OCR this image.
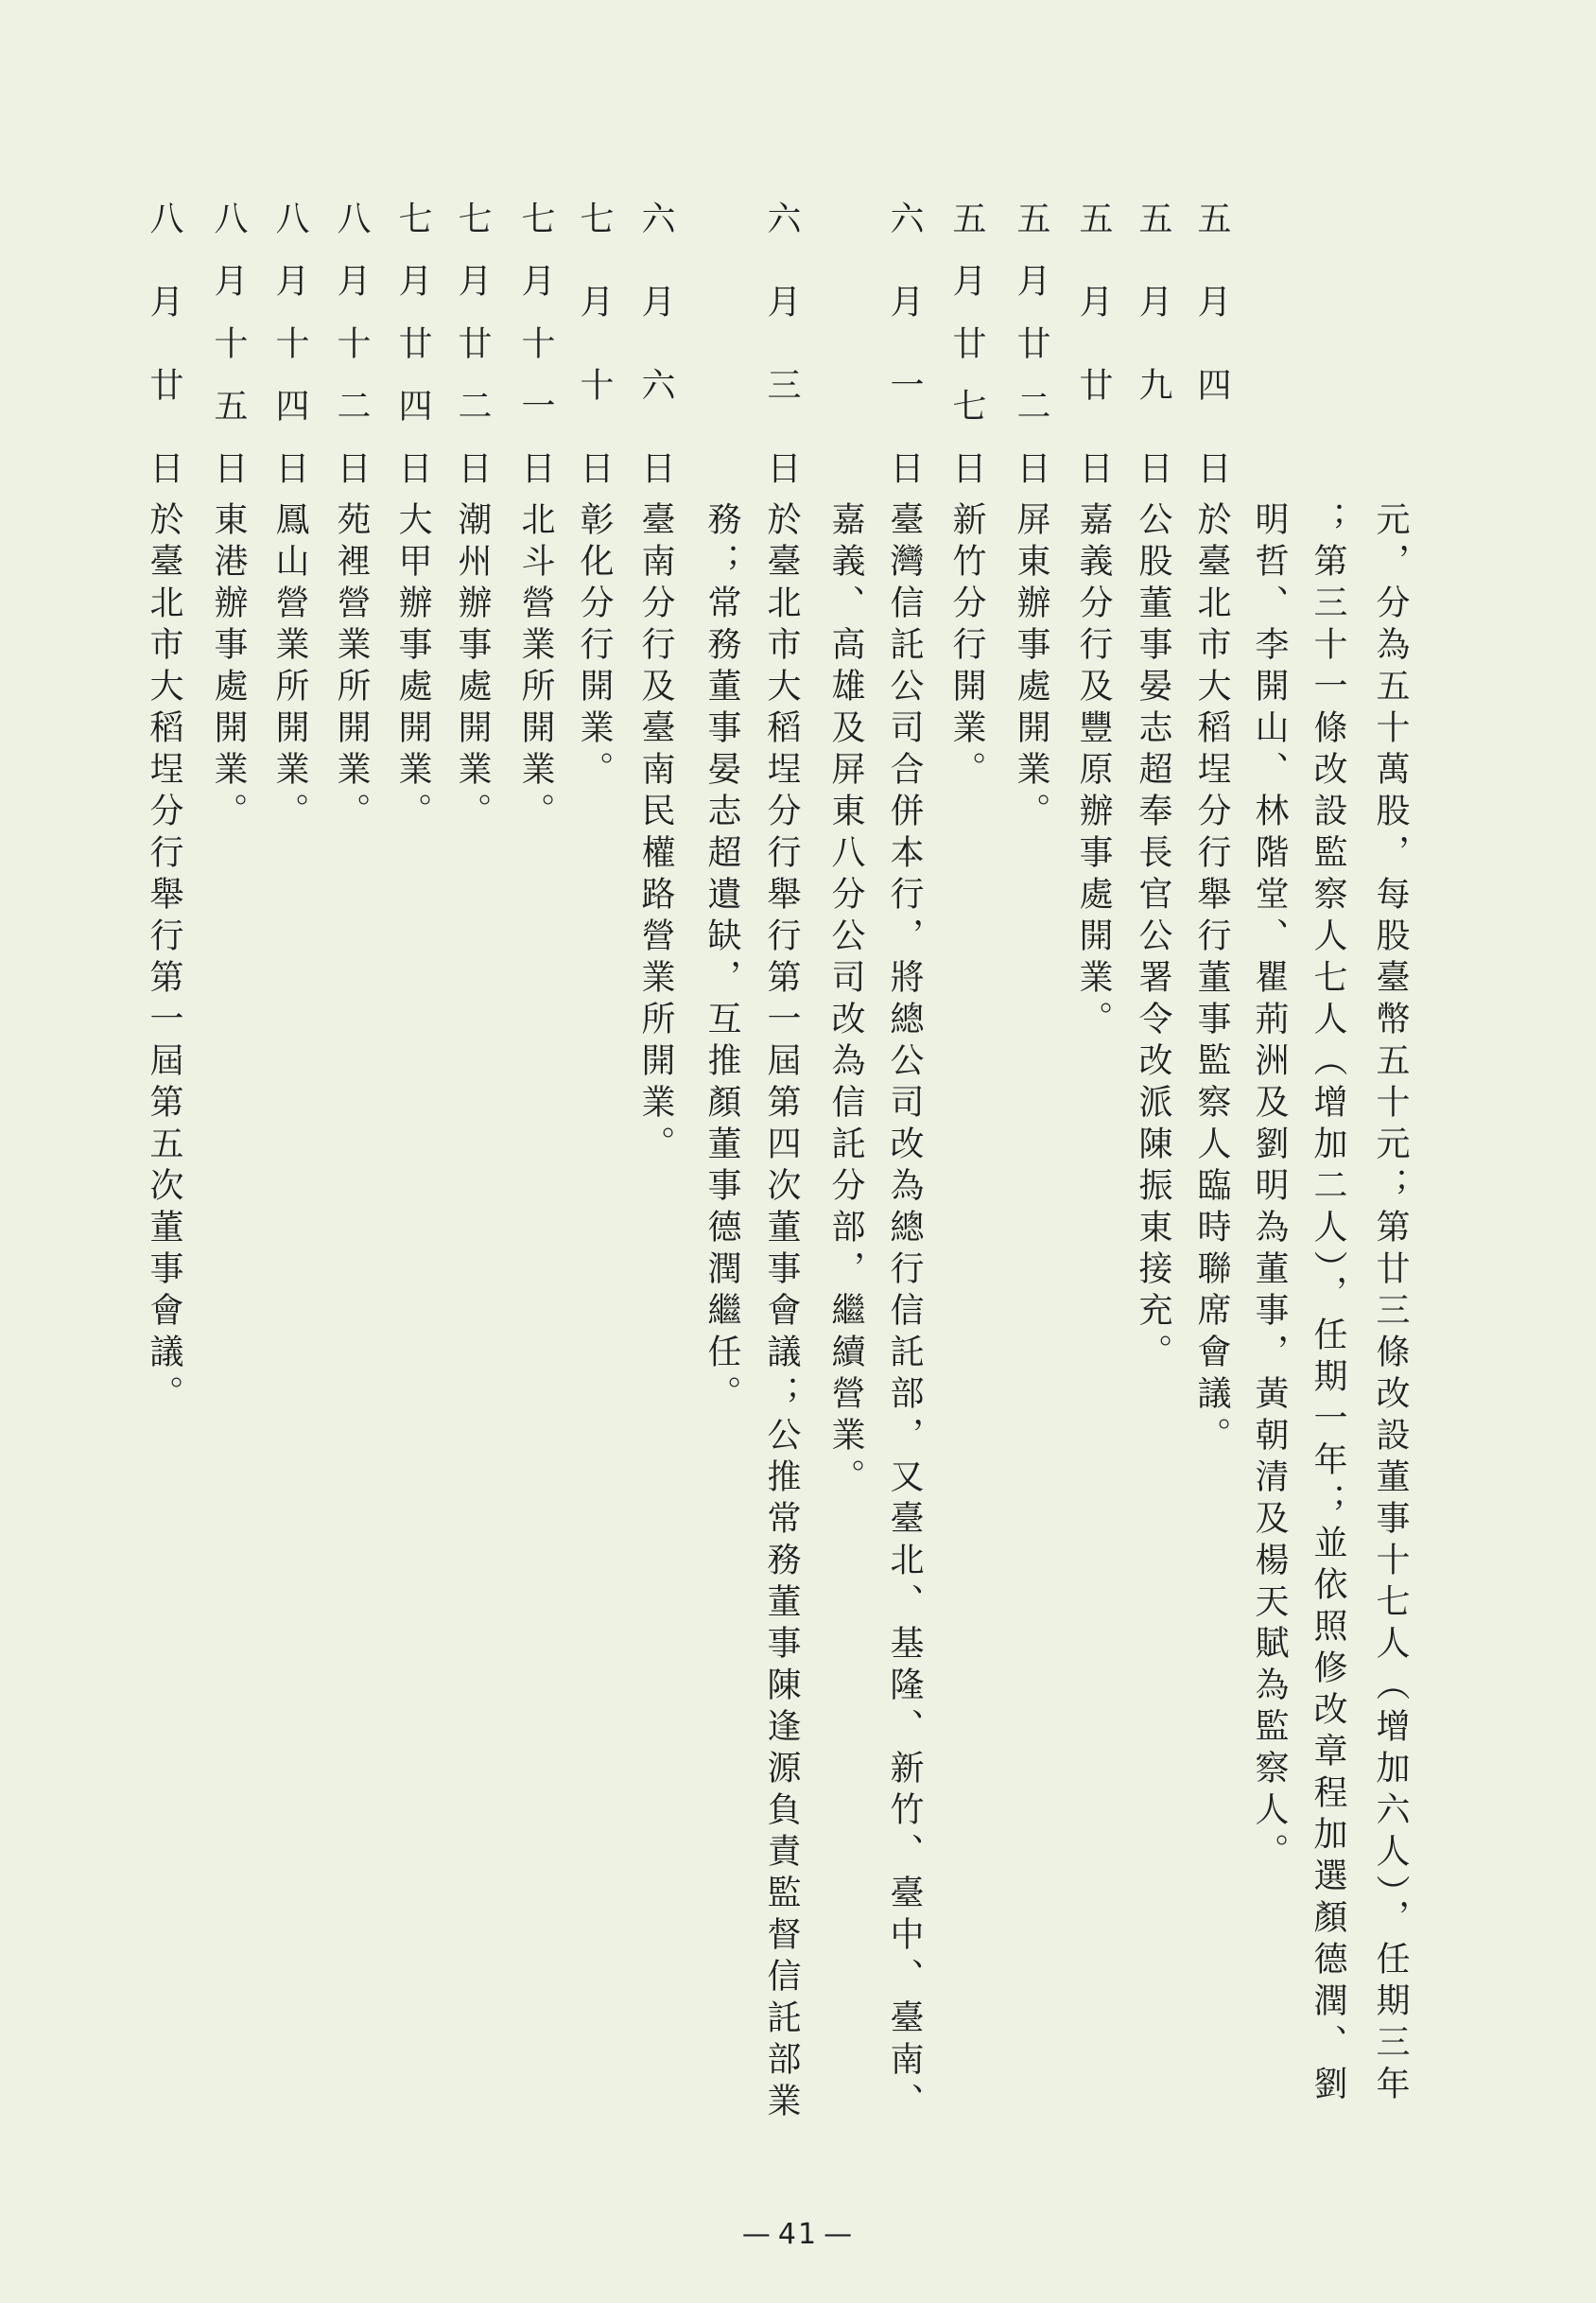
元，分為五十萬股，每股臺幣五十元；第廿三條改設董事十七人（增加六人），任期三年
；第三十一條改設監察人七人（增加二人），任期一年；並依照修改章程加選顏德潤、劉
明哲、李開山、林階堂、瞿荊洲及劉明為董事，黃朝清及楊天賦為監察人。
五月四日
於臺北市大稻埕分行舉行董事監察人臨時聯席會議。
五月九日
公股董事晏志超奉長官公署令改派陳振東接充。
五月廿日
嘉義分行及豐原辦事處開業。
五月廿二日
屏東辦事處開業。
五月廿七日
新竹分行開業。
六月一日
臺灣信託公司合併本行，將總公司改為總行信託部，又臺北、基隆、新竹、臺中、臺南、
嘉義、高雄及屏東八分公司改為信託分部，繼續營業。
六月三日
於臺北市大稻埕分行舉行第一屆第四次董事會議；公推常務董事陳逢源負責監督信託部業
務；常務董事晏志超遺缺，互推顏董事德潤繼任。
六月六日
臺南分行及臺南民權路營業所開業。
七月十日
彰化分行開業。
七月十一日
北斗營業所開業。
七月廿二日
潮州辦事處開業。
七月廿四日
大甲辦事處開業。
八月十二日
苑裡營業所開業。
八月十四日
鳳山營業所開業。
八月十五日
東港辦事處開業。
八月廿日
於臺北市大稻埕分行舉行第一屆第五次董事會議。
— 41 —
